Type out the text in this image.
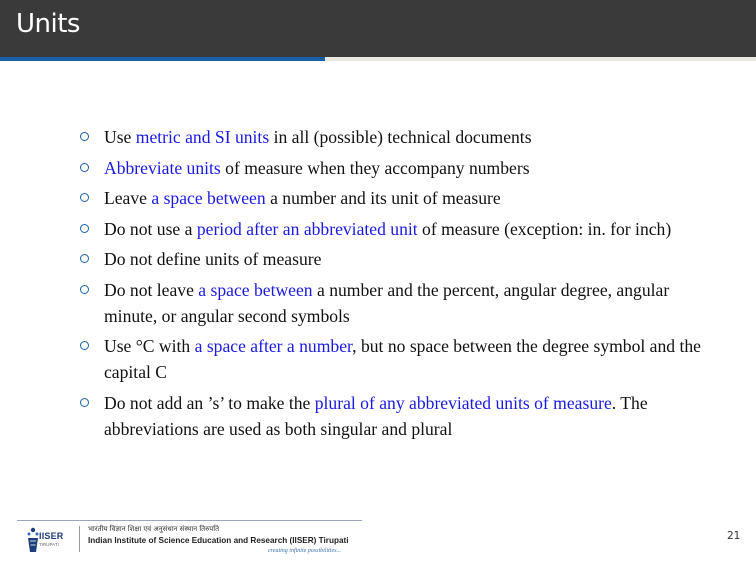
Units
Use metric and SI units in all (possible) technical documents
Abbreviate units of measure when they accompany numbers
Leave a space between a number and its unit of measure
Do not use a period after an abbreviated unit of measure (exception: in. for inch)
Do not define units of measure
Do not leave a space between a number and the percent, angular degree, angular minute, or angular second symbols
Use °C with a space after a number, but no space between the degree symbol and the capital C
Do not add an ’s’ to make the plural of any abbreviated units of measure. The abbreviations are used as both singular and plural
IISER
TIRUPATI
भारतीय विज्ञान शिक्षा एवं अनुसंधान संस्थान तिरुपति
Indian Institute of Science Education and Research (IISER) Tirupati
creating infinite possibilities...
21
